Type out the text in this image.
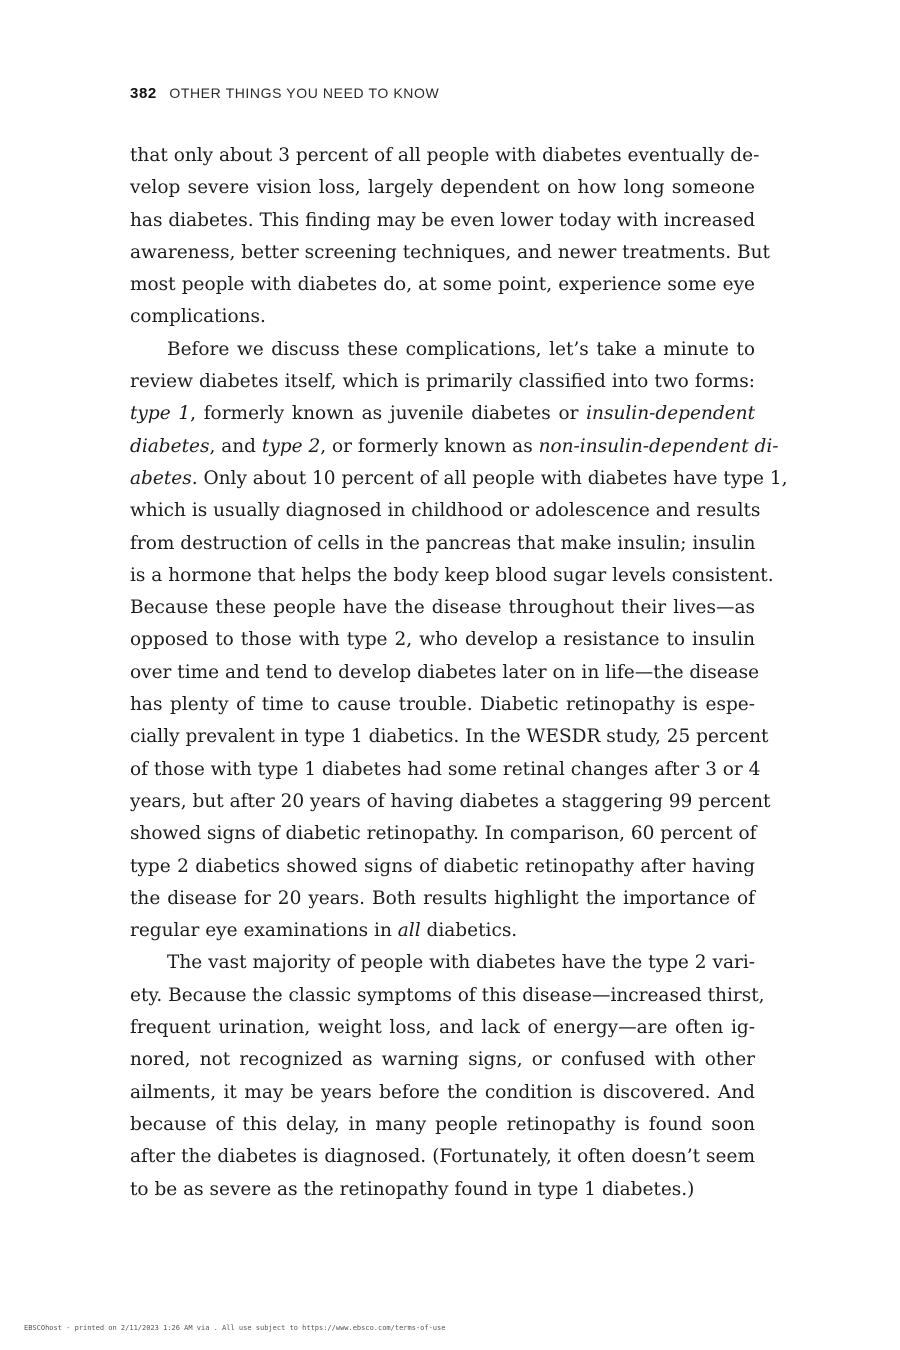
382 OTHER THINGS YOU NEED TO KNOW
that only about 3 percent of all people with diabetes eventually de-
velop severe vision loss, largely dependent on how long someone
has diabetes. This finding may be even lower today with increased
awareness, better screening techniques, and newer treatments. But
most people with diabetes do, at some point, experience some eye
complications.
Before we discuss these complications, let’s take a minute to
review diabetes itself, which is primarily classified into two forms:
type 1, formerly known as juvenile diabetes or insulin-dependent
diabetes, and type 2, or formerly known as non-insulin-dependent di-
abetes. Only about 10 percent of all people with diabetes have type 1,
which is usually diagnosed in childhood or adolescence and results
from destruction of cells in the pancreas that make insulin; insulin
is a hormone that helps the body keep blood sugar levels consistent.
Because these people have the disease throughout their lives—as
opposed to those with type 2, who develop a resistance to insulin
over time and tend to develop diabetes later on in life—the disease
has plenty of time to cause trouble. Diabetic retinopathy is espe-
cially prevalent in type 1 diabetics. In the WESDR study, 25 percent
of those with type 1 diabetes had some retinal changes after 3 or 4
years, but after 20 years of having diabetes a staggering 99 percent
showed signs of diabetic retinopathy. In comparison, 60 percent of
type 2 diabetics showed signs of diabetic retinopathy after having
the disease for 20 years. Both results highlight the importance of
regular eye examinations in all diabetics.
The vast majority of people with diabetes have the type 2 vari-
ety. Because the classic symptoms of this disease—increased thirst,
frequent urination, weight loss, and lack of energy—are often ig-
nored, not recognized as warning signs, or confused with other
ailments, it may be years before the condition is discovered. And
because of this delay, in many people retinopathy is found soon
after the diabetes is diagnosed. (Fortunately, it often doesn’t seem
to be as severe as the retinopathy found in type 1 diabetes.)
EBSCOhost - printed on 2/11/2023 1:26 AM via . All use subject to https://www.ebsco.com/terms-of-use
